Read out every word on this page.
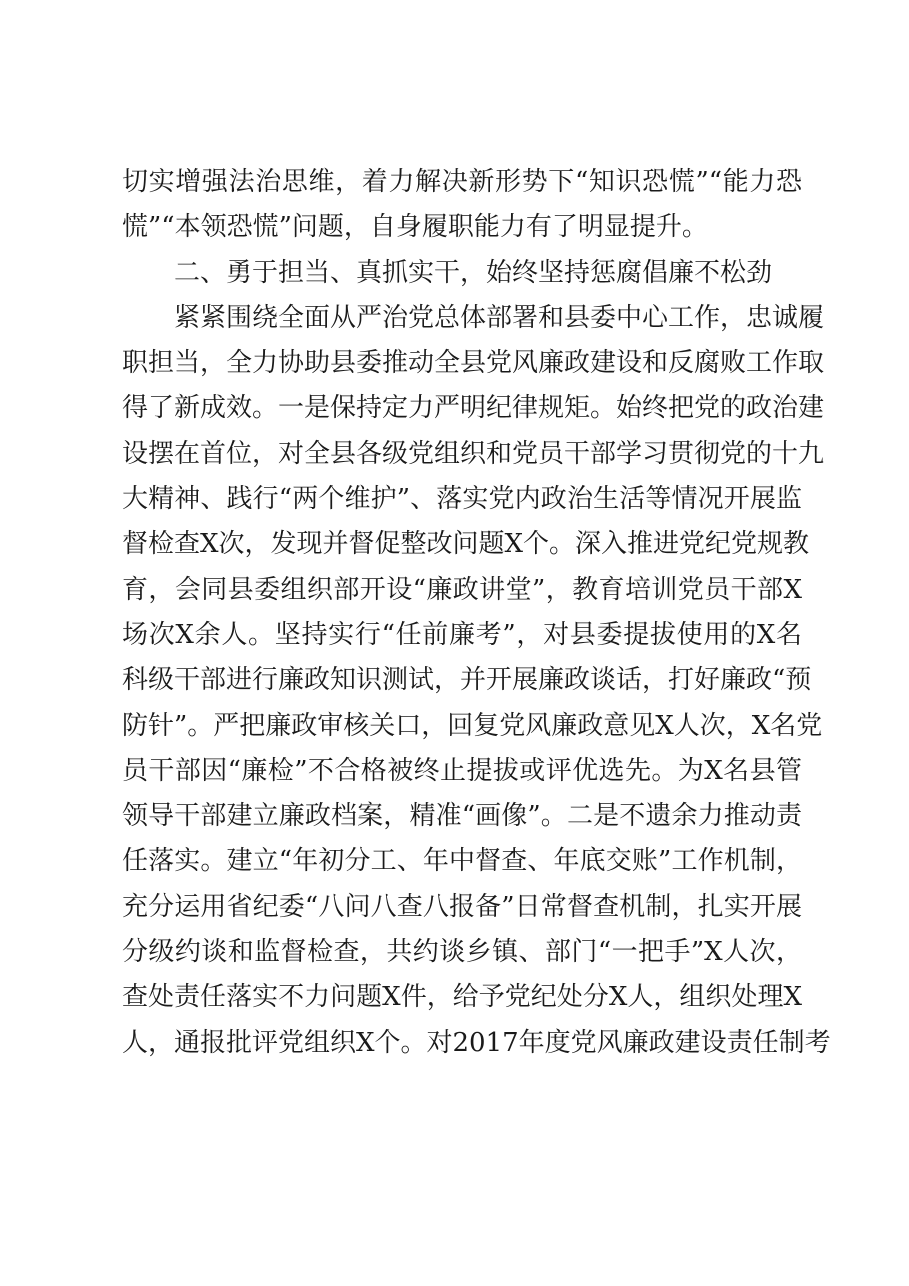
切实增强法治思维，着力解决新形势下“知识恐慌”“能力恐
慌”“本领恐慌”问题，自身履职能力有了明显提升。
　　二、勇于担当、真抓实干，始终坚持惩腐倡廉不松劲
　　紧紧围绕全面从严治党总体部署和县委中心工作，忠诚履
职担当，全力协助县委推动全县党风廉政建设和反腐败工作取
得了新成效。一是保持定力严明纪律规矩。始终把党的政治建
设摆在首位，对全县各级党组织和党员干部学习贯彻党的十九
大精神、践行“两个维护”、落实党内政治生活等情况开展监
督检查X次，发现并督促整改问题X个。深入推进党纪党规教
育，会同县委组织部开设“廉政讲堂”，教育培训党员干部X
场次X余人。坚持实行“任前廉考”，对县委提拔使用的X名
科级干部进行廉政知识测试，并开展廉政谈话，打好廉政“预
防针”。严把廉政审核关口，回复党风廉政意见X人次，X名党
员干部因“廉检”不合格被终止提拔或评优选先。为X名县管
领导干部建立廉政档案，精准“画像”。二是不遗余力推动责
任落实。建立“年初分工、年中督查、年底交账”工作机制，
充分运用省纪委“八问八查八报备”日常督查机制，扎实开展
分级约谈和监督检查，共约谈乡镇、部门“一把手”X人次，
查处责任落实不力问题X件，给予党纪处分X人，组织处理X
人，通报批评党组织X个。对2017年度党风廉政建设责任制考
